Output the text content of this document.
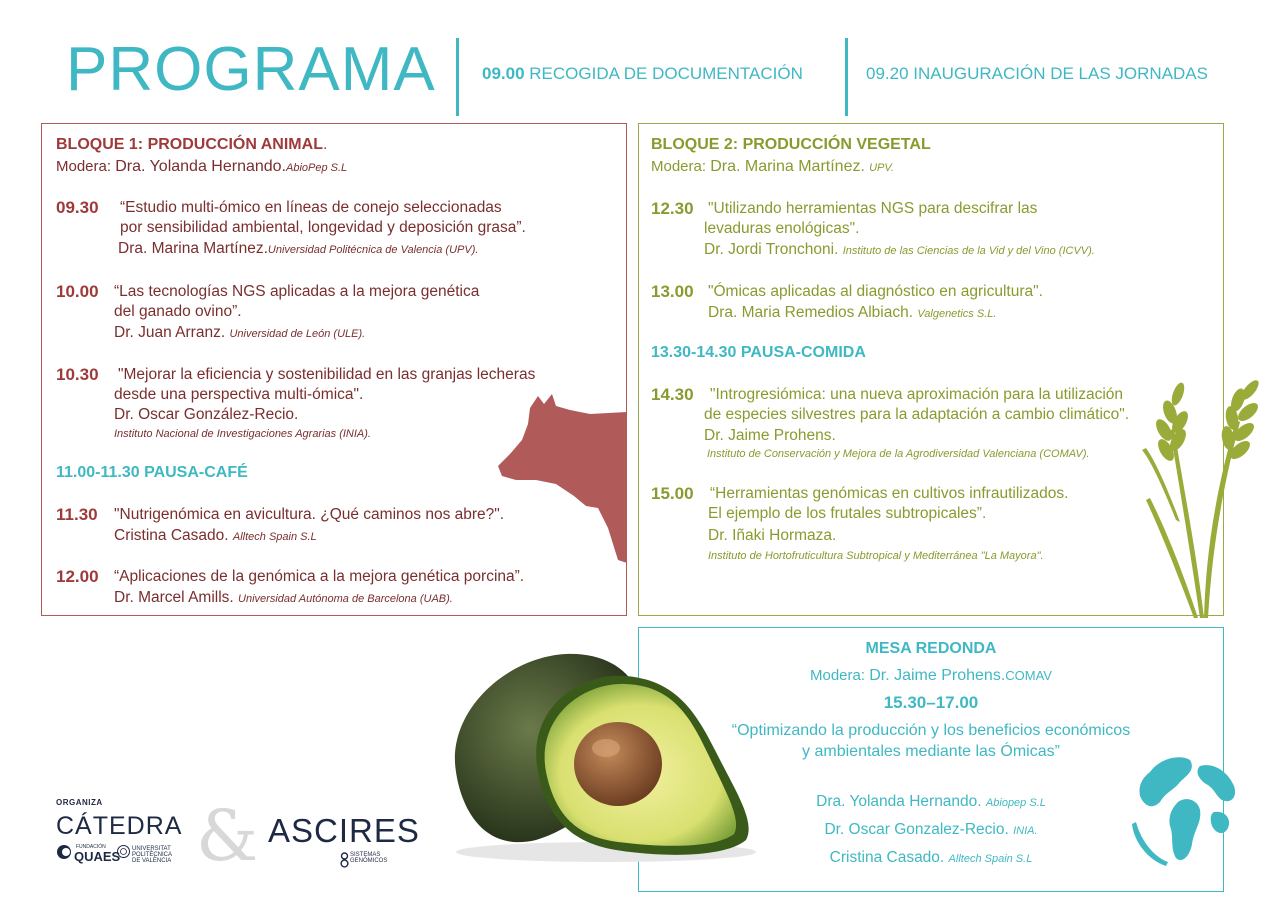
PROGRAMA	09.00 RECOGIDA DE DOCUMENTACIÓN	09.20 INAUGURACIÓN DE LAS JORNADAS
BLOQUE 1: PRODUCCIÓN ANIMAL.
Modera: Dra. Yolanda Hernando.AbioPep S.L
09.30 “Estudio multi-ómico en líneas de conejo seleccionadas
por sensibilidad ambiental, longevidad y deposición grasa”.
Dra. Marina Martínez.Universidad Politécnica de Valencia (UPV).
10.00 “Las tecnologías NGS aplicadas a la mejora genética
del ganado ovino”.
Dr. Juan Arranz. Universidad de León (ULE).
10.30 "Mejorar la eficiencia y sostenibilidad en las granjas lecheras
desde una perspectiva multi-ómica".
Dr. Oscar González-Recio.
Instituto Nacional de Investigaciones Agrarias (INIA).
11.00-11.30 PAUSA-CAFÉ
11.30 "Nutrigenómica en avicultura. ¿Qué caminos nos abre?".
Cristina Casado. Alltech Spain S.L
12.00 “Aplicaciones de la genómica a la mejora genética porcina”.
Dr. Marcel Amills. Universidad Autónoma de Barcelona (UAB).
BLOQUE 2: PRODUCCIÓN VEGETAL
Modera: Dra. Marina Martínez. UPV.
12.30 "Utilizando herramientas NGS para descifrar las
levaduras enológicas".
Dr. Jordi Tronchoni. Instituto de las Ciencias de la Vid y del Vino (ICVV).
13.00 "Ómicas aplicadas al diagnóstico en agricultura".
Dra. Maria Remedios Albiach. Valgenetics S.L.
13.30-14.30 PAUSA-COMIDA
14.30 "Introgresiómica: una nueva aproximación para la utilización
de especies silvestres para la adaptación a cambio climático".
Dr. Jaime Prohens.
Instituto de Conservación y Mejora de la Agrodiversidad Valenciana (COMAV).
15.00 “Herramientas genómicas en cultivos infrautilizados.
El ejemplo de los frutales subtropicales”.
Dr. Iñaki Hormaza.
Instituto de Hortofruticultura Subtropical y Mediterránea "La Mayora".
MESA REDONDA
Modera: Dr. Jaime Prohens.COMAV
15.30–17.00
“Optimizando la producción y los beneficios económicos
y ambientales mediante las Ómicas”
Dra. Yolanda Hernando. Abiopep S.L
Dr. Oscar Gonzalez-Recio. INIA.
Cristina Casado. Alltech Spain S.L
ORGANIZA
CÁTEDRA
FUNDACIÓN
QUAES UNIVERSITAT POLITÈCNICA DE VALÈNCIA & ASCIRES
SISTEMAS
GENÓMICOS
